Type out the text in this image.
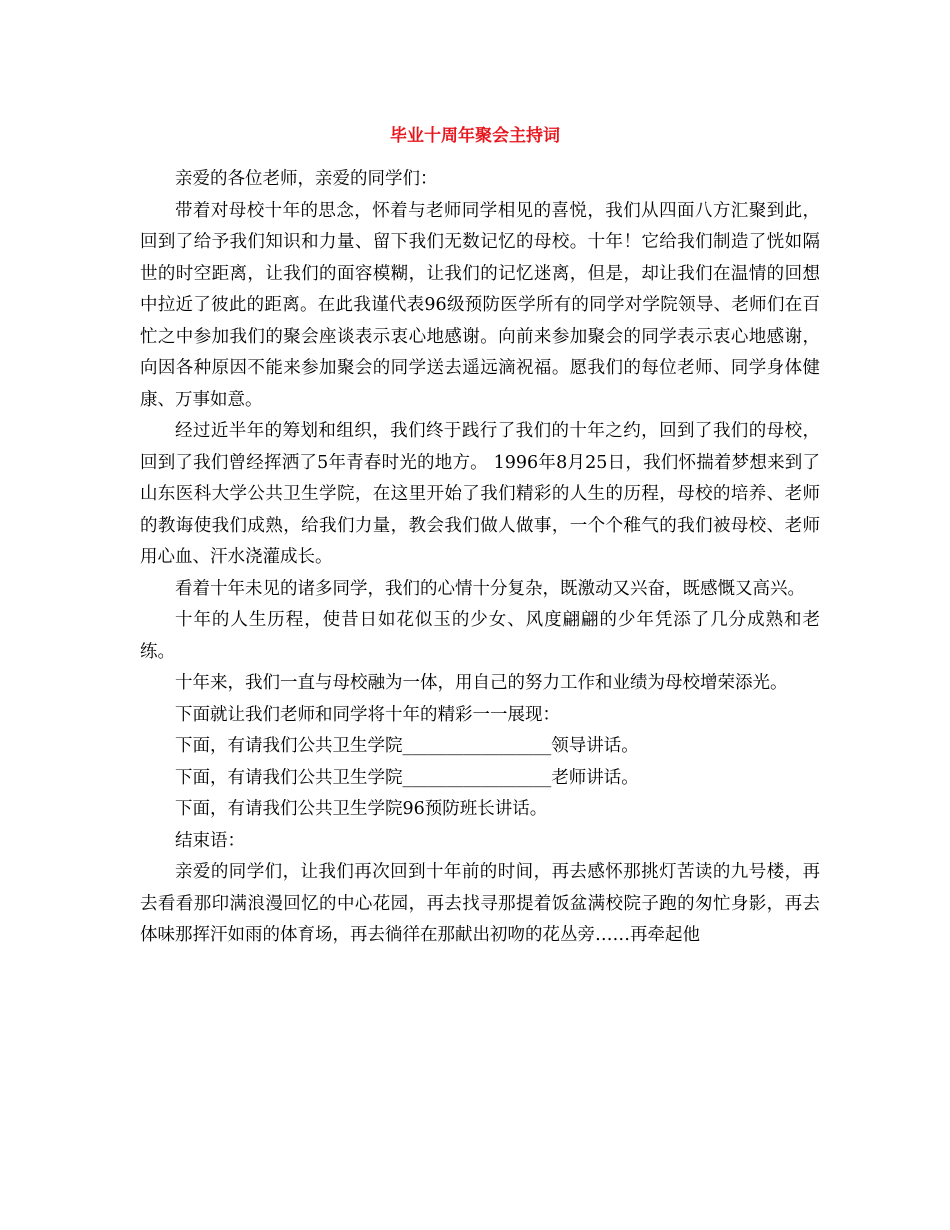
毕业十周年聚会主持词

亲爱的各位老师，亲爱的同学们：

带着对母校十年的思念，怀着与老师同学相见的喜悦，我们从四面八方汇聚到此，回到了给予我们知识和力量、留下我们无数记忆的母校。十年！它给我们制造了恍如隔世的时空距离，让我们的面容模糊，让我们的记忆迷离，但是，却让我们在温情的回想中拉近了彼此的距离。在此我谨代表96级预防医学所有的同学对学院领导、老师们在百忙之中参加我们的聚会座谈表示衷心地感谢。向前来参加聚会的同学表示衷心地感谢，向因各种原因不能来参加聚会的同学送去遥远滴祝福。愿我们的每位老师、同学身体健康、万事如意。

经过近半年的筹划和组织，我们终于践行了我们的十年之约，回到了我们的母校，回到了我们曾经挥洒了5年青春时光的地方。 1996年8月25日，我们怀揣着梦想来到了山东医科大学公共卫生学院，在这里开始了我们精彩的人生的历程，母校的培养、老师的教诲使我们成熟，给我们力量，教会我们做人做事，一个个稚气的我们被母校、老师用心血、汗水浇灌成长。

看着十年未见的诸多同学，我们的心情十分复杂，既激动又兴奋，既感慨又高兴。

十年的人生历程，使昔日如花似玉的少女、风度翩翩的少年凭添了几分成熟和老练。

十年来，我们一直与母校融为一体，用自己的努力工作和业绩为母校增荣添光。

下面就让我们老师和同学将十年的精彩一一展现：

下面，有请我们公共卫生学院_________________领导讲话。

下面，有请我们公共卫生学院_________________老师讲话。

下面，有请我们公共卫生学院96预防班长讲话。

结束语：

亲爱的同学们，让我们再次回到十年前的时间，再去感怀那挑灯苦读的九号楼，再去看看那印满浪漫回忆的中心花园，再去找寻那提着饭盆满校院子跑的匆忙身影，再去体味那挥汗如雨的体育场，再去徜徉在那献出初吻的花丛旁……再牵起他
